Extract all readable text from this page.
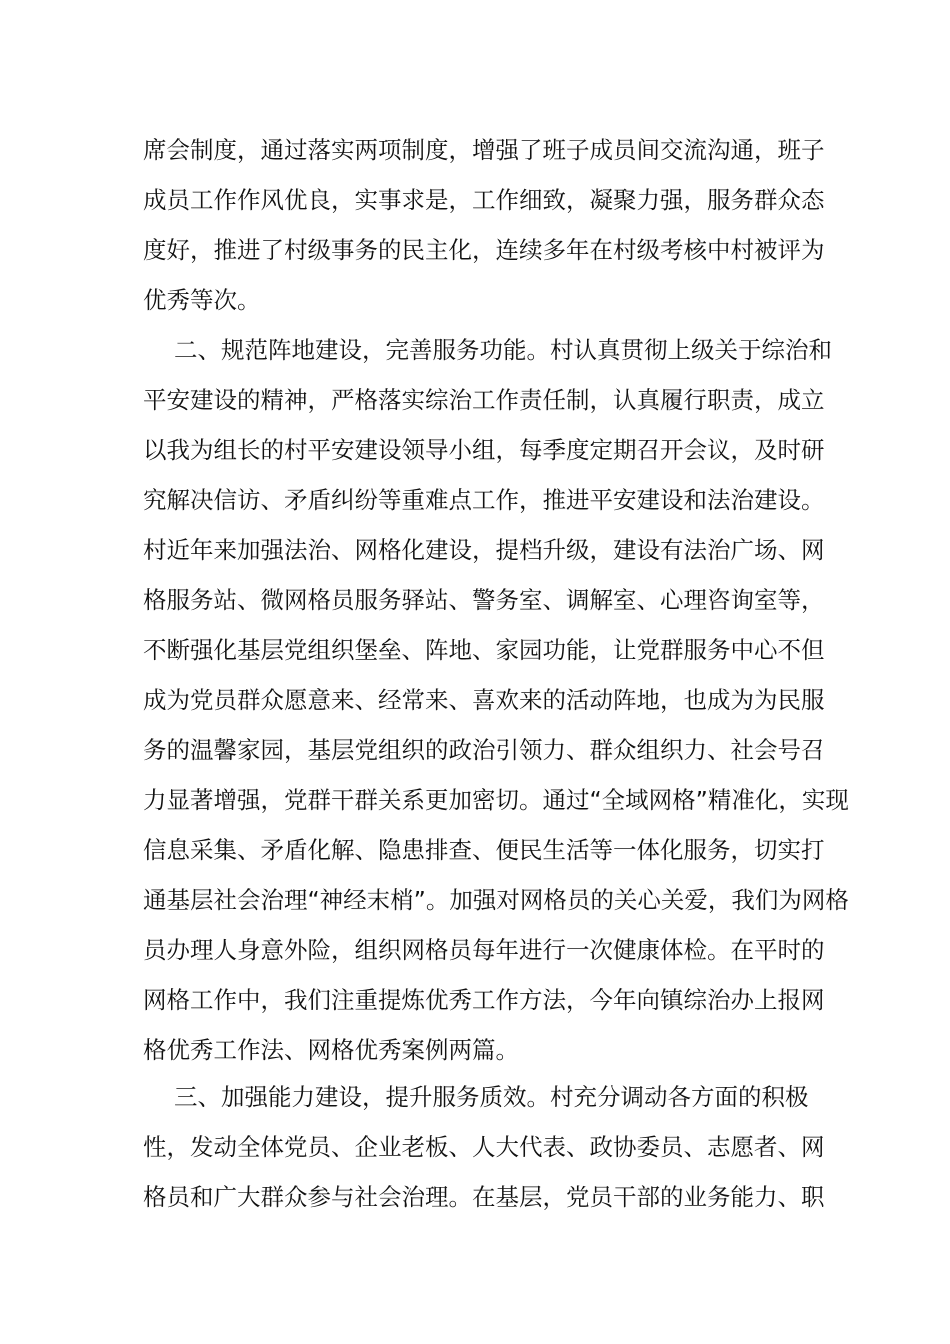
席会制度，通过落实两项制度，增强了班子成员间交流沟通，班子
成员工作作风优良，实事求是，工作细致，凝聚力强，服务群众态
度好，推进了村级事务的民主化，连续多年在村级考核中村被评为
优秀等次。
二、规范阵地建设，完善服务功能。村认真贯彻上级关于综治和
平安建设的精神，严格落实综治工作责任制，认真履行职责，成立
以我为组长的村平安建设领导小组，每季度定期召开会议，及时研
究解决信访、矛盾纠纷等重难点工作，推进平安建设和法治建设。
村近年来加强法治、网格化建设，提档升级，建设有法治广场、网
格服务站、微网格员服务驿站、警务室、调解室、心理咨询室等，
不断强化基层党组织堡垒、阵地、家园功能，让党群服务中心不但
成为党员群众愿意来、经常来、喜欢来的活动阵地，也成为为民服
务的温馨家园，基层党组织的政治引领力、群众组织力、社会号召
力显著增强，党群干群关系更加密切。通过“全域网格”精准化，实现
信息采集、矛盾化解、隐患排查、便民生活等一体化服务，切实打
通基层社会治理“神经末梢”。加强对网格员的关心关爱，我们为网格
员办理人身意外险，组织网格员每年进行一次健康体检。在平时的
网格工作中，我们注重提炼优秀工作方法，今年向镇综治办上报网
格优秀工作法、网格优秀案例两篇。
三、加强能力建设，提升服务质效。村充分调动各方面的积极
性，发动全体党员、企业老板、人大代表、政协委员、志愿者、网
格员和广大群众参与社会治理。在基层，党员干部的业务能力、职
